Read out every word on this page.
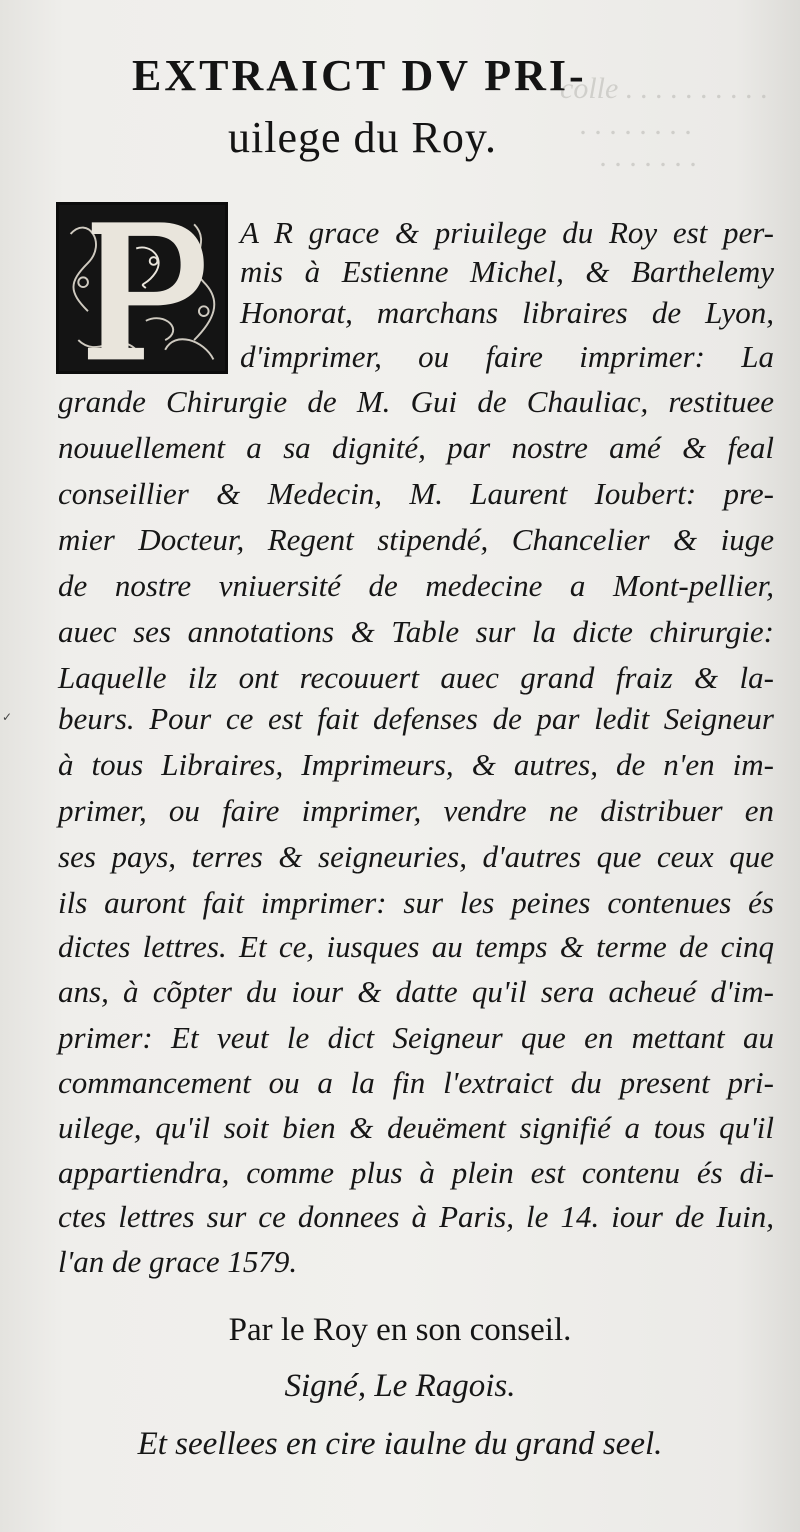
colle . . . . . . . . . .
. . . . . . . .
. . . . . . .
EXTRAICT DV PRI-
uilege du Roy.
A R grace & priuilege du Roy est per-
mis à Estienne Michel, & Barthelemy
Honorat, marchans libraires de Lyon,
d'imprimer, ou faire imprimer: La
grande Chirurgie de M. Gui de Chauliac, restituee
nouuellement a sa dignité, par nostre amé & feal
conseillier & Medecin, M. Laurent Ioubert: pre-
mier Docteur, Regent stipendé, Chancelier & iuge
de nostre vniuersité de medecine a Mont-pellier,
auec ses annotations & Table sur la dicte chirurgie:
Laquelle ilz ont recouuert auec grand fraiz & la-
beurs. Pour ce est fait defenses de par ledit Seigneur
à tous Libraires, Imprimeurs, & autres, de n'en im-
primer, ou faire imprimer, vendre ne distribuer en
ses pays, terres & seigneuries, d'autres que ceux que
ils auront fait imprimer: sur les peines contenues és
dictes lettres. Et ce, iusques au temps & terme de cinq
ans, à cõpter du iour & datte qu'il sera acheué d'im-
primer: Et veut le dict Seigneur que en mettant au
commancement ou a la fin l'extraict du present pri-
uilege, qu'il soit bien & deuëment signifié a tous qu'il
appartiendra, comme plus à plein est contenu és di-
ctes lettres sur ce donnees à Paris, le 14. iour de Iuin,
l'an de grace 1579.
Par le Roy en son conseil.
Signé, Le Ragois.
Et seellees en cire iaulne du grand seel.
✓
